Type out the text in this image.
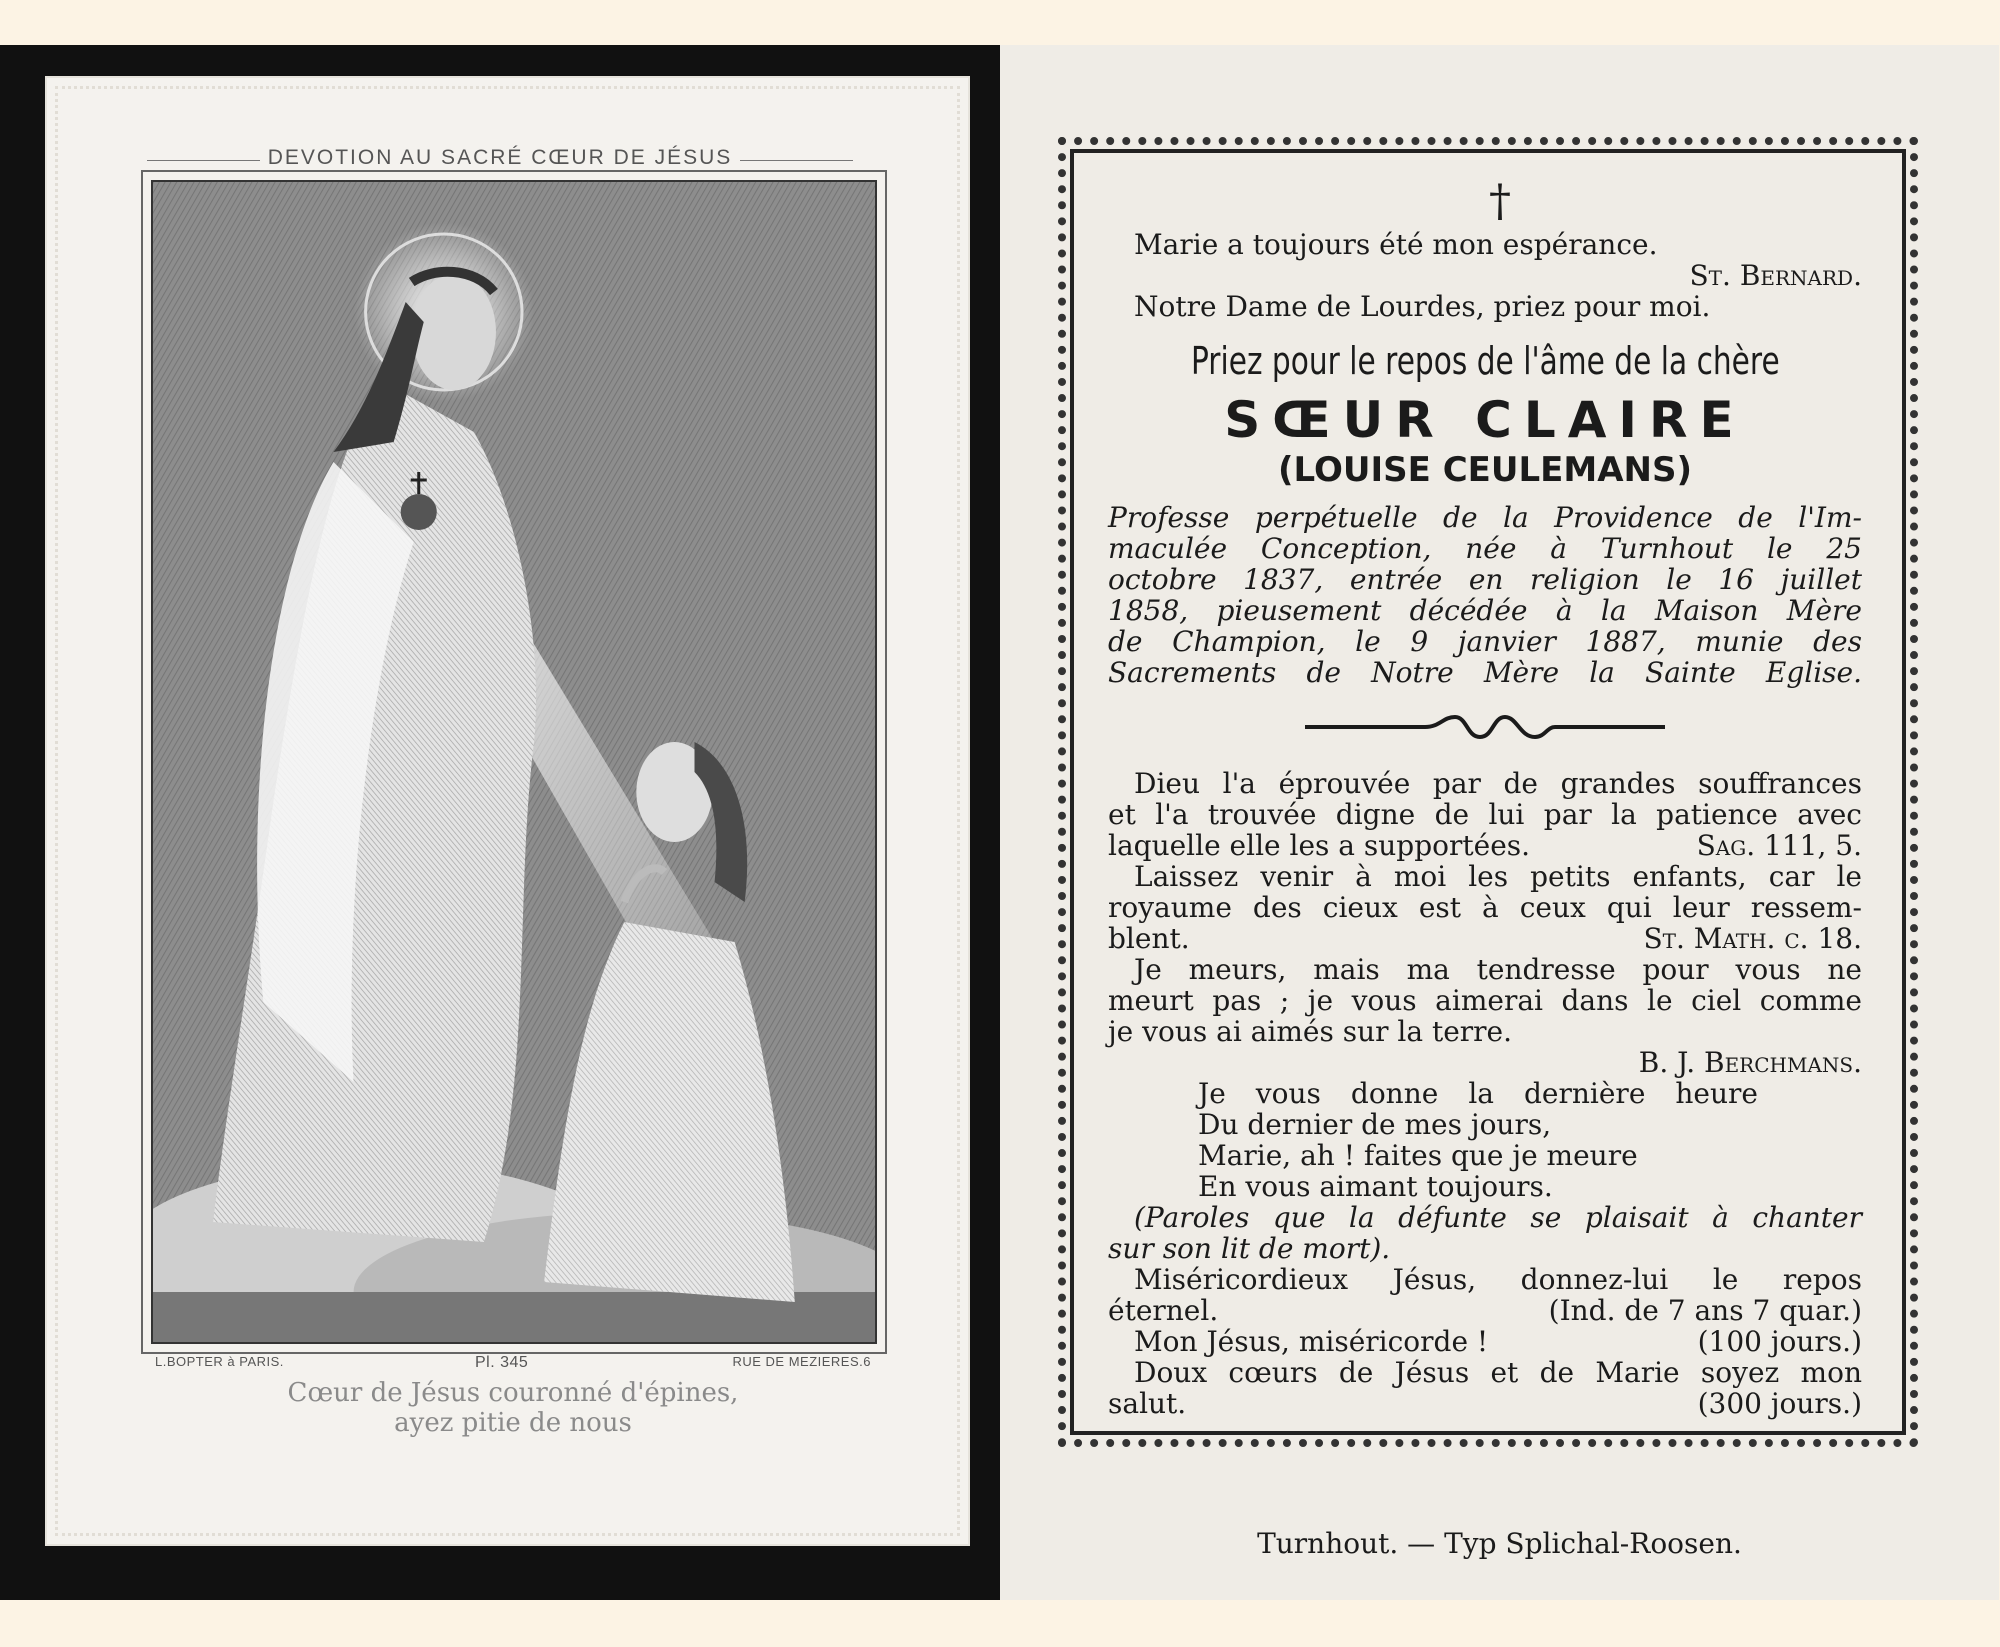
DEVOTION AU SACRÉ CŒUR DE JÉSUS
L.BOPTER à PARIS.	Pl. 345	RUE DE MEZIERES.6
Cœur de Jésus couronné d'épines,
ayez pitie de nous
†

Marie a toujours été mon espérance.

St. Bernard.

Notre Dame de Lourdes, priez pour moi.

Priez pour le repos de l'âme de la chère
SŒUR CLAIRE
(LOUISE CEULEMANS)
Professe perpétuelle de la Providence de l'Im-
maculée Conception, née à Turnhout le 25
octobre 1837, entrée en religion le 16 juillet
1858, pieusement décédée à la Maison Mère
de Champion, le 9 janvier 1887, munie des
Sacrements de Notre Mère la Sainte Eglise.
Dieu l'a éprouvée par de grandes souffrances
et l'a trouvée digne de lui par la patience avec
laquelle elle les a supportées.	Sag. 111, 5.
Laissez venir à moi les petits enfants, car le
royaume des cieux est à ceux qui leur ressem-
blent.	St. Math. c. 18.
Je meurs, mais ma tendresse pour vous ne
meurt pas ; je vous aimerai dans le ciel comme
je vous ai aimés sur la terre.
B. J. Berchmans.
Je vous donne la dernière heure
Du dernier de mes jours,
Marie, ah ! faites que je meure
En vous aimant toujours.
(Paroles que la défunte se plaisait à chanter
sur son lit de mort).
Miséricordieux Jésus, donnez-lui le repos
éternel.	(Ind. de 7 ans 7 quar.)
Mon Jésus, miséricorde !	(100 jours.)
Doux cœurs de Jésus et de Marie soyez mon
salut.	(300 jours.)
Turnhout. — Typ Splichal-Roosen.
